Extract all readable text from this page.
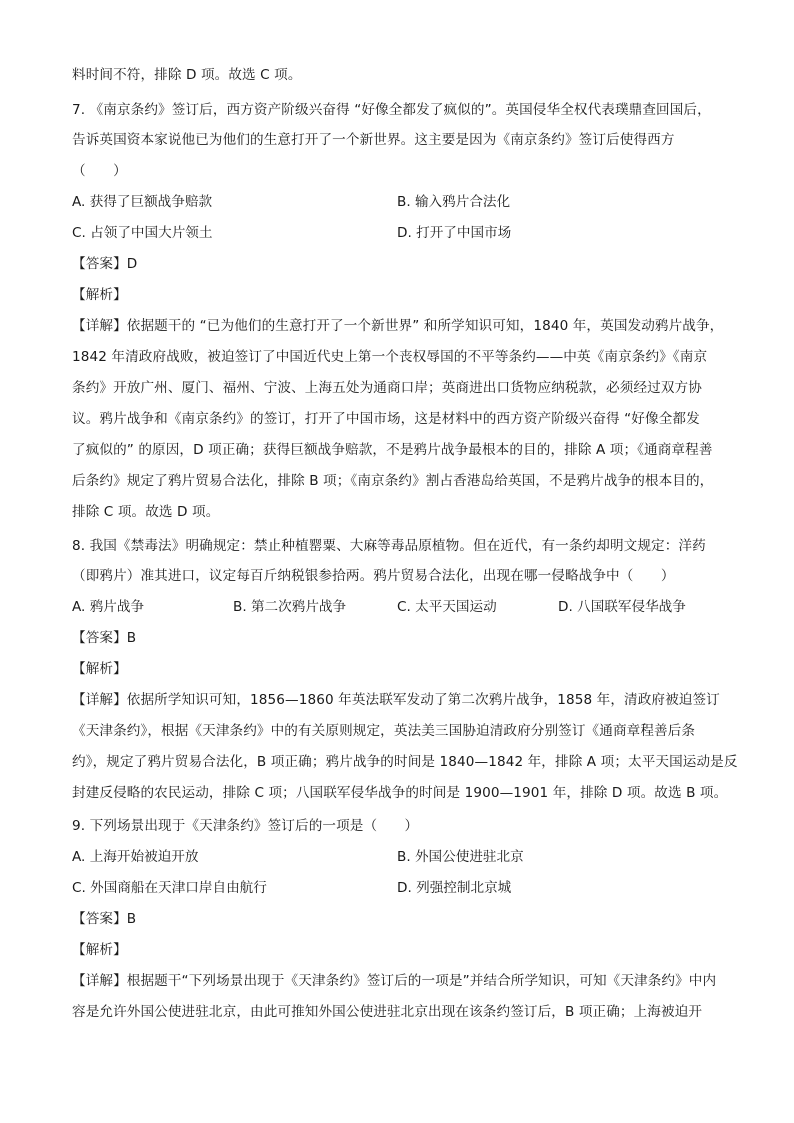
料时间不符，排除 D 项。故选 C 项。
7. 《南京条约》签订后，西方资产阶级兴奋得 “好像全都发了疯似的”。英国侵华全权代表璞鼎查回国后，
告诉英国资本家说他已为他们的生意打开了一个新世界。这主要是因为《南京条约》签订后使得西方
（　　）
A. 获得了巨额战争赔款	B. 输入鸦片合法化
C. 占领了中国大片领土	D. 打开了中国市场
【答案】D
【解析】
【详解】依据题干的 “已为他们的生意打开了一个新世界” 和所学知识可知，1840 年，英国发动鸦片战争，
1842 年清政府战败，被迫签订了中国近代史上第一个丧权辱国的不平等条约——中英《南京条约》《南京
条约》开放广州、厦门、福州、宁波、上海五处为通商口岸；英商进出口货物应纳税款，必须经过双方协
议。鸦片战争和《南京条约》的签订，打开了中国市场，这是材料中的西方资产阶级兴奋得 “好像全都发
了疯似的” 的原因，D 项正确；获得巨额战争赔款，不是鸦片战争最根本的目的，排除 A 项；《通商章程善
后条约》规定了鸦片贸易合法化，排除 B 项；《南京条约》割占香港岛给英国，不是鸦片战争的根本目的，
排除 C 项。故选 D 项。
8. 我国《禁毒法》明确规定：禁止种植罂粟、大麻等毒品原植物。但在近代，有一条约却明文规定：洋药
（即鸦片）准其进口，议定每百斤纳税银参拾两。鸦片贸易合法化，出现在哪一侵略战争中（　　）
A. 鸦片战争	B. 第二次鸦片战争	C. 太平天国运动	D. 八国联军侵华战争
【答案】B
【解析】
【详解】依据所学知识可知，1856—1860 年英法联军发动了第二次鸦片战争，1858 年，清政府被迫签订
《天津条约》，根据《天津条约》中的有关原则规定，英法美三国胁迫清政府分别签订《通商章程善后条
约》，规定了鸦片贸易合法化，B 项正确；鸦片战争的时间是 1840—1842 年，排除 A 项；太平天国运动是反
封建反侵略的农民运动，排除 C 项；八国联军侵华战争的时间是 1900—1901 年，排除 D 项。故选 B 项。
9. 下列场景出现于《天津条约》签订后的一项是（　　）
A. 上海开始被迫开放	B. 外国公使进驻北京
C. 外国商船在天津口岸自由航行	D. 列强控制北京城
【答案】B
【解析】
【详解】根据题干“下列场景出现于《天津条约》签订后的一项是”并结合所学知识，可知《天津条约》中内
容是允许外国公使进驻北京，由此可推知外国公使进驻北京出现在该条约签订后，B 项正确；上海被迫开
